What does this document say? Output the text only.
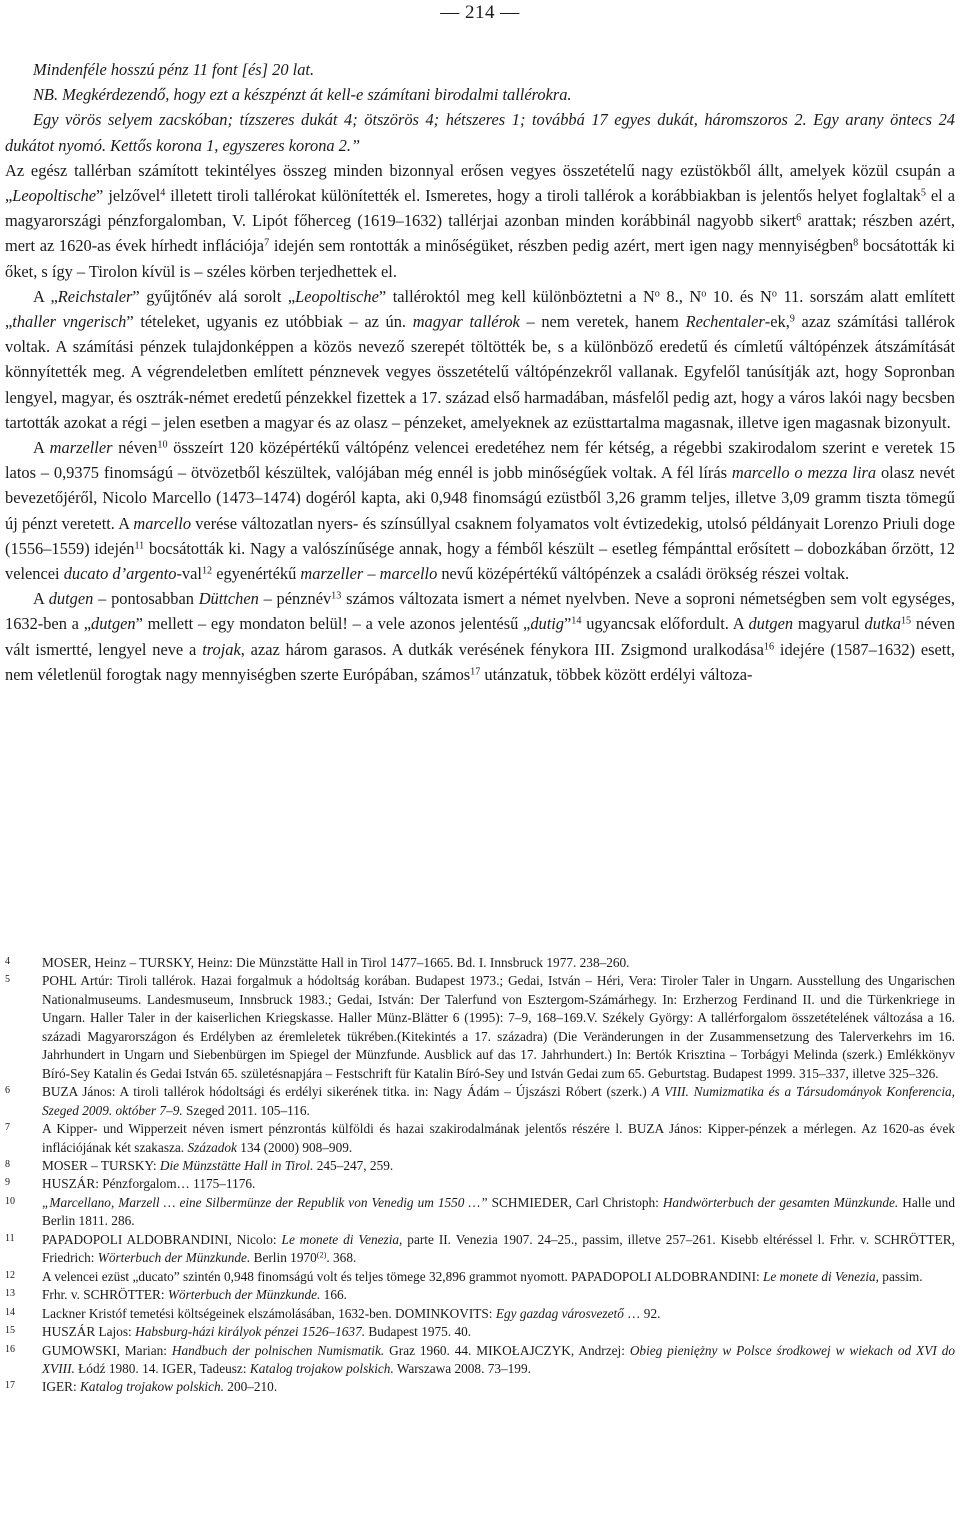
— 214 —

Mindenféle hosszú pénz 11 font [és] 20 lat.

NB. Megkérdezendő, hogy ezt a készpénzt át kell-e számítani birodalmi tallérokra.

Egy vörös selyem zacskóban; tízszeres dukát 4; ötszörös 4; hétszeres 1; továbbá 17 egyes dukát, háromszoros 2. Egy arany öntecs 24 dukátot nyomó. Kettős korona 1, egyszeres korona 2.”

Az egész tallérban számított tekintélyes összeg minden bizonnyal erősen vegyes összetételű nagy ezüstökből állt, amelyek közül csupán a „Leopoltische” jelzővel$^4$ illetett tiroli tallérokat különítették el. Ismeretes, hogy a tiroli tallérok a korábbiakban is jelentős helyet foglaltak$^5$ el a magyarországi pénzforgalomban, V. Lipót főherceg (1619–1632) tallérjai azonban minden korábbinál nagyobb sikert$^6$ arattak; részben azért, mert az 1620-as évek hírhedt inflációja$^7$ idején sem rontották a minőségüket, részben pedig azért, mert igen nagy mennyiségben$^8$ bocsátották ki őket, s így – Tirolon kívül is – széles körben terjedhettek el.

A „Reichstaler” gyűjtőnév alá sorolt „Leopoltische” talléroktól meg kell különböztetni a $N^o$ 8., $N^o$ 10. és $N^o$ 11. sorszám alatt említett „thaller vngerisch” tételeket, ugyanis ez utóbbiak – az ún. magyar tallérok – nem veretek, hanem Rechentaler-ek,$^9$ azaz számítási tallérok voltak. A számítási pénzek tulajdonképpen a közös nevező szerepét töltötték be, s a különböző eredetű és címletű váltópénzek átszámítását könnyítették meg. A végrendeletben említett pénznevek vegyes összetételű váltópénzekről vallanak. Egyfelől tanúsítják azt, hogy Sopronban lengyel, magyar, és osztrák-német eredetű pénzekkel fizettek a 17. század első harmadában, másfelől pedig azt, hogy a város lakói nagy becsben tartották azokat a régi – jelen esetben a magyar és az olasz – pénzeket, amelyeknek az ezüsttartalma magasnak, illetve igen magasnak bizonyult.

A marzeller néven$^{10}$ összeírt 120 középértékű váltópénz velencei eredetéhez nem fér kétség, a régebbi szakirodalom szerint e veretek 15 latos – 0,9375 finomságú – ötvözetből készültek, valójában még ennél is jobb minőségűek voltak. A fél lírás marcello o mezza lira olasz nevét bevezetőjéről, Nicolo Marcello (1473–1474) dogéról kapta, aki 0,948 finomságú ezüstből 3,26 gramm teljes, illetve 3,09 gramm tiszta tömegű új pénzt veretett. A marcello verése változatlan nyers- és színsúllyal csaknem folyamatos volt évtizedekig, utolsó példányait Lorenzo Priuli doge (1556–1559) idején$^{11}$ bocsátották ki. Nagy a valószínűsége annak, hogy a fémből készült – esetleg fémpánttal erősített – dobozkában őrzött, 12 velencei ducato d’argento-val$^{12}$ egyenértékű marzeller – marcello nevű középértékű váltópénzek a családi örökség részei voltak.

A dutgen – pontosabban Düttchen – pénznév$^{13}$ számos változata ismert a német nyelvben. Neve a soproni németségben sem volt egységes, 1632-ben a „dutgen” mellett – egy mondaton belül! – a vele azonos jelentésű „dutig”$^{14}$ ugyancsak előfordult. A dutgen magyarul dutka$^{15}$ néven vált ismertté, lengyel neve a trojak, azaz három garasos. A dutkák verésének fénykora III. Zsigmond uralkodása$^{16}$ idejére (1587–1632) esett, nem véletlenül forogtak nagy mennyiségben szerte Európában, számos$^{17}$ utánzatuk, többek között erdélyi változa-

4 MOSER, Heinz – TURSKY, Heinz: Die Münzstätte Hall in Tirol 1477–1665. Bd. I. Innsbruck 1977. 238–260.

5 POHL Artúr: Tiroli tallérok. Hazai forgalmuk a hódoltság korában. Budapest 1973.; Gedai, István – Héri, Vera: Tiroler Taler in Ungarn. Ausstellung des Ungarischen Nationalmuseums. Landesmuseum, Innsbruck 1983.; Gedai, István: Der Talerfund von Esztergom-Számárhegy. In: Erzherzog Ferdinand II. und die Türkenkriege in Ungarn. Haller Taler in der kaiserlichen Kriegskasse. Haller Münz-Blätter 6 (1995): 7–9, 168–169.V. Székely György: A tallérforgalom összetételének változása a 16. századi Magyarországon és Erdélyben az éremleletek tükrében.(Kitekintés a 17. századra) (Die Veränderungen in der Zusammensetzung des Talerverkehrs im 16. Jahrhundert in Ungarn und Siebenbürgen im Spiegel der Münzfunde. Ausblick auf das 17. Jahrhundert.) In: Bertók Krisztina – Torbágyi Melinda (szerk.) Emlékkönyv Bíró-Sey Katalin és Gedai István 65. születésnapjára – Festschrift für Katalin Bíró-Sey und István Gedai zum 65. Geburtstag. Budapest 1999. 315–337, illetve 325–326.

6 BUZA János: A tiroli tallérok hódoltsági és erdélyi sikerének titka. in: Nagy Ádám – Újszászi Róbert (szerk.) A VIII. Numizmatika és a Társudományok Konferencia, Szeged 2009. október 7–9. Szeged 2011. 105–116.

7 A Kipper- und Wipperzeit néven ismert pénzrontás külföldi és hazai szakirodalmának jelentős részére l. BUZA János: Kipper-pénzek a mérlegen. Az 1620-as évek inflációjának két szakasza. Századok 134 (2000) 908–909.

8 MOSER – TURSKY: Die Münzstätte Hall in Tirol. 245–247, 259.

9 HUSZÁR: Pénzforgalom… 1175–1176.

10 „Marcellano, Marzell … eine Silbermünze der Republik von Venedig um 1550 …” SCHMIEDER, Carl Christoph: Handwörterbuch der gesamten Münzkunde. Halle und Berlin 1811. 286.

11 PAPADOPOLI ALDOBRANDINI, Nicolo: Le monete di Venezia, parte II. Venezia 1907. 24–25., passim, illetve 257–261. Kisebb eltéréssel l. Frhr. v. SCHRÖTTER, Friedrich: Wörterbuch der Münzkunde. Berlin 1970$^{(2)}$. 368.

12 A velencei ezüst „ducato” szintén 0,948 finomságú volt és teljes tömege 32,896 grammot nyomott. PAPADOPOLI ALDOBRANDINI: Le monete di Venezia, passim.

13 Frhr. v. SCHRÖTTER: Wörterbuch der Münzkunde. 166.

14 Lackner Kristóf temetési költségeinek elszámolásában, 1632-ben. DOMINKOVITS: Egy gazdag városvezető … 92.

15 HUSZÁR Lajos: Habsburg-házi királyok pénzei 1526–1637. Budapest 1975. 40.

16 GUMOWSKI, Marian: Handbuch der polnischen Numismatik. Graz 1960. 44. MIKOŁAJCZYK, Andrzej: Obieg pieniężny w Polsce środkowej w wiekach od XVI do XVIII. Łódź 1980. 14. IGER, Tadeusz: Katalog trojakow polskich. Warszawa 2008. 73–199.

17 IGER: Katalog trojakow polskich. 200–210.
